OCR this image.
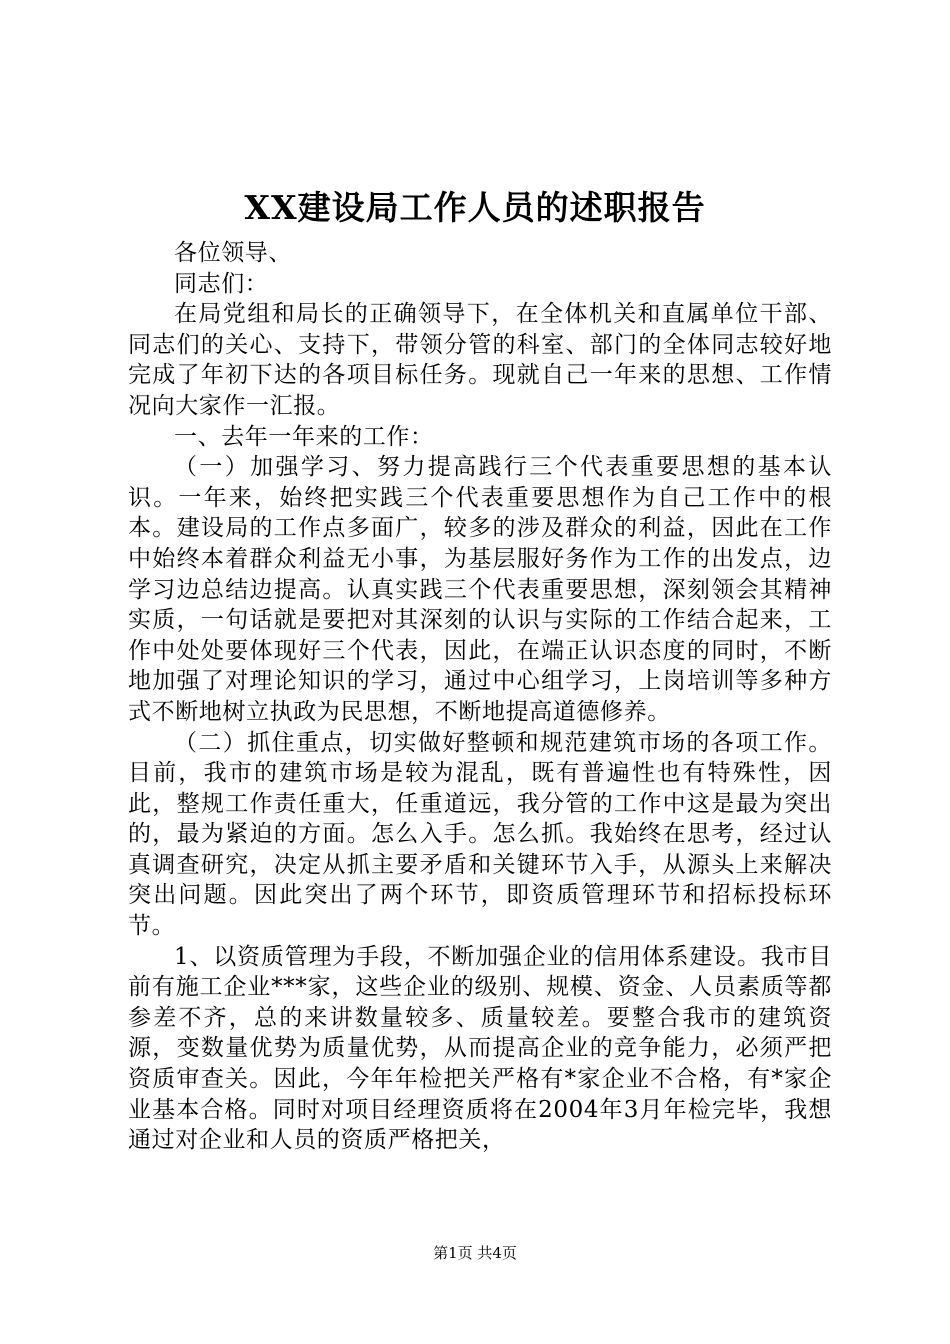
XX建设局工作人员的述职报告

各位领导、

同志们：

在局党组和局长的正确领导下，在全体机关和直属单位干部、同志们的关心、支持下，带领分管的科室、部门的全体同志较好地完成了年初下达的各项目标任务。现就自己一年来的思想、工作情况向大家作一汇报。

一、去年一年来的工作：

（一）加强学习、努力提高践行三个代表重要思想的基本认识。一年来，始终把实践三个代表重要思想作为自己工作中的根本。建设局的工作点多面广，较多的涉及群众的利益，因此在工作中始终本着群众利益无小事，为基层服好务作为工作的出发点，边学习边总结边提高。认真实践三个代表重要思想，深刻领会其精神实质，一句话就是要把对其深刻的认识与实际的工作结合起来，工作中处处要体现好三个代表，因此，在端正认识态度的同时，不断地加强了对理论知识的学习，通过中心组学习，上岗培训等多种方式不断地树立执政为民思想，不断地提高道德修养。

（二）抓住重点，切实做好整顿和规范建筑市场的各项工作。目前，我市的建筑市场是较为混乱，既有普遍性也有特殊性，因此，整规工作责任重大，任重道远，我分管的工作中这是最为突出的，最为紧迫的方面。怎么入手。怎么抓。我始终在思考，经过认真调查研究，决定从抓主要矛盾和关键环节入手，从源头上来解决突出问题。因此突出了两个环节，即资质管理环节和招标投标环节。

1、以资质管理为手段，不断加强企业的信用体系建设。我市目前有施工企业***家，这些企业的级别、规模、资金、人员素质等都参差不齐，总的来讲数量较多、质量较差。要整合我市的建筑资源，变数量优势为质量优势，从而提高企业的竞争能力，必须严把资质审查关。因此，今年年检把关严格有*家企业不合格，有*家企业基本合格。同时对项目经理资质将在2004年3月年检完毕，我想通过对企业和人员的资质严格把关，

第1页 共4页
